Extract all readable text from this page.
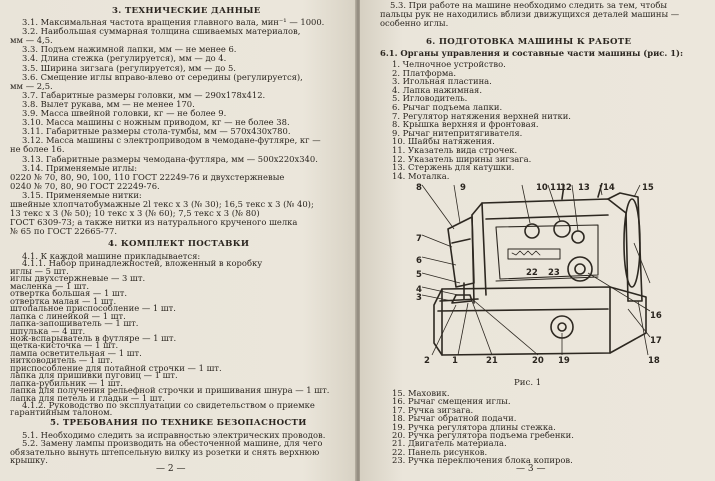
3. ТЕХНИЧЕСКИЕ ДАННЫЕ
3.1. Максимальная частота вращения главного вала, мин⁻¹ — 1000.
3.2. Наибольшая суммарная толщина сшиваемых материалов,
мм — 4,5.
3.3. Подъем нажимной лапки, мм — не менее 6.
3.4. Длина стежка (регулируется), мм — до 4.
3.5. Ширина зигзага (регулируется), мм — до 5.
3.6. Смещение иглы вправо-влево от середины (регулируется),
мм — 2,5.
3.7. Габаритные размеры головки, мм — 290х178х412.
3.8. Вылет рукава, мм — не менее 170.
3.9. Масса швейной головки, кг — не более 9.
3.10. Масса машины с ножным приводом, кг — не более 38.
3.11. Габаритные размеры стола-тумбы, мм — 570х430х780.
3.12. Масса машины с электроприводом в чемодане-футляре, кг —
не более 16.
3.13. Габаритные размеры чемодана-футляра, мм — 500х220х340.
3.14. Применяемые иглы:
0220 № 70, 80, 90, 100, 110 ГОСТ 22249-76 и двухстержневые
0240 № 70, 80, 90 ГОСТ 22249-76.
3.15. Применяемые нитки:
швейные хлопчатобумажные 2l текс х 3 (№ 30); 16,5 текс х 3 (№ 40);
13 текс х 3 (№ 50); 10 текс х 3 (№ 60); 7,5 текс х 3 (№ 80)
ГОСТ 6309-73; а также нитки из натурального крученого шелка
№ 65 по ГОСТ 22665-77.
4. КОМПЛЕКТ ПОСТАВКИ
4.1. К каждой машине прикладывается:
4.1.1. Набор принадлежностей, вложенный в коробку
иглы — 5 шт.
иглы двухстержневые — 3 шт.
масленка — 1 шт.
отвертка большая — 1 шт.
отвертка малая — 1 шт.
штопальное приспособление — 1 шт.
лапка с линейкой — 1 шт.
лапка-запошиватель — 1 шт.
шпулька — 4 шт.
нож-вспарыватель в футляре — 1 шт.
щетка-кисточка — 1 шт.
лампа осветительная — 1 шт.
нитководитель — 1 шт.
приспособление для потайной строчки — 1 шт.
лапка для пришивки пуговиц — 1 шт.
лапка-рубильник — 1 шт.
лапка для получения рельефной строчки и пришивания шнура — 1 шт.
лапка для петель и гладьи — 1 шт.
4.1.2. Руководство по эксплуатации со свидетельством о приемке
гарантийным талоном.
5. ТРЕБОВАНИЯ ПО ТЕХНИКЕ БЕЗОПАСНОСТИ
5.1. Необходимо следить за исправностью электрических проводов.
5.2. Замену лампы производить на обесточенной машине, для чего
обязательно вынуть штепсельную вилку из розетки и снять верхнюю
крышку.
— 2 —
5.3. При работе на машине необходимо следить за тем, чтобы
пальцы рук не находились вблизи движущихся деталей машины —
особенно иглы.
6. ПОДГОТОВКА МАШИНЫ К РАБОТЕ
6.1. Органы управления и составные части машины (рис. 1):
1. Челночное устройство.
2. Платформа.
3. Игольная пластина.
4. Лапка нажимная.
5. Игловодитель.
6. Рычаг подъема лапки.
7. Регулятор натяжения верхней нитки.
8. Крышка верхняя и фронтовая.
9. Рычаг нитепритягивателя.
10. Шайбы натяжения.
11. Указатель вида строчек.
12. Указатель ширины зигзага.
13. Стержень для катушки.
14. Моталка.
8	9	10 11
12 13 14	15
7
6
5
4
3
2	1	21	20 19	18
17
16
22 23
Рис. 1
15. Маховик.
16. Рычаг смещения иглы.
17. Ручка зигзага.
18. Рычаг обратной подачи.
19. Ручка регулятора длины стежка.
20. Ручка регулятора подъема гребенки.
21. Двигатель материала.
22. Панель рисунков.
23. Ручка переключения блока копиров.
— 3 —
